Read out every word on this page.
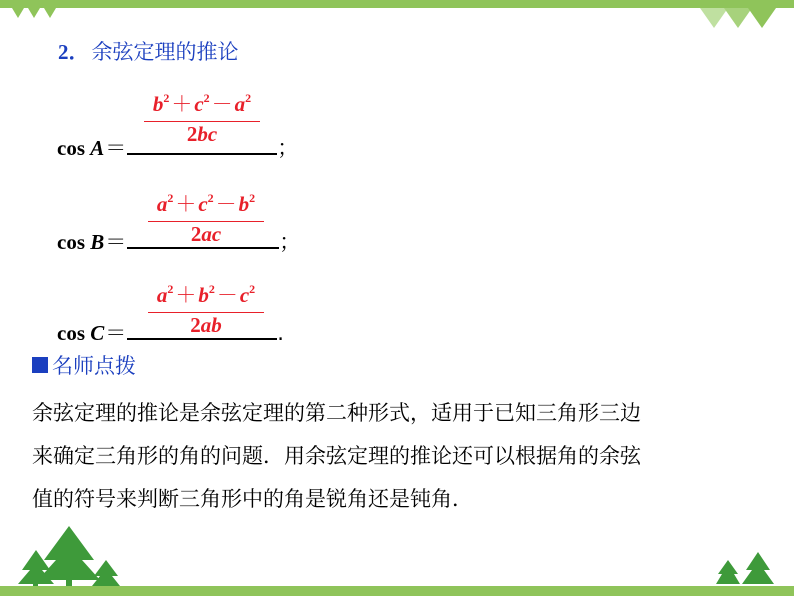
2．余弦定理的推论
$b^2+c^2-a^2$
2bc
cos A＝	；
$a^2+c^2-b^2$
2ac
cos B＝	；
$a^2+b^2-c^2$
2ab
cos C＝	.
名师点拨

余弦定理的推论是余弦定理的第二种形式，适用于已知三角形三边

来确定三角形的角的问题．用余弦定理的推论还可以根据角的余弦

值的符号来判断三角形中的角是锐角还是钝角．
